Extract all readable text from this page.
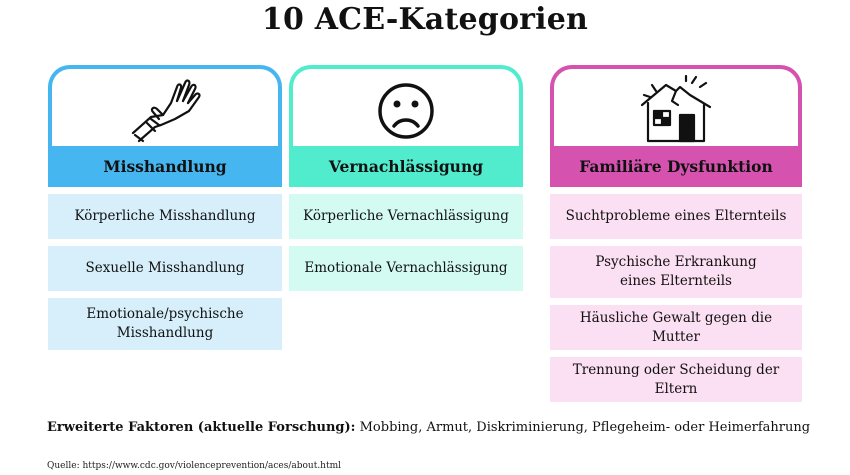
10 ACE-Kategorien
Misshandlung
Körperliche Misshandlung
Sexuelle Misshandlung
Emotionale/psychische Misshandlung
Vernachlässigung
Körperliche Vernachlässigung
Emotionale Vernachlässigung
Familiäre Dysfunktion
Suchtprobleme eines Elternteils
Psychische Erkrankung eines Elternteils
Häusliche Gewalt gegen die Mutter
Trennung oder Scheidung der Eltern
Erweiterte Faktoren (aktuelle Forschung): Mobbing, Armut, Diskriminierung, Pflegeheim- oder Heimerfahrung
Quelle: https://www.cdc.gov/violenceprevention/aces/about.html
